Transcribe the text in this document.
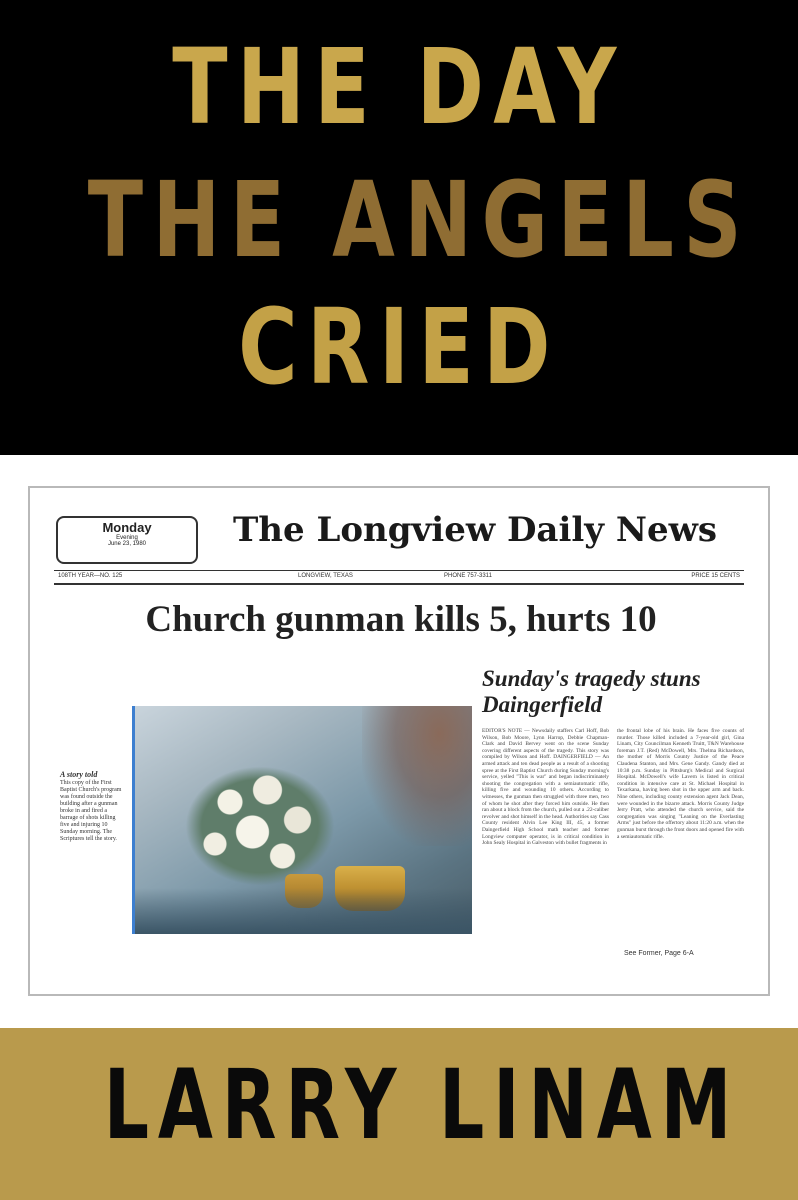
THE DAY
THE ANGELS
CRIED
Monday
Evening
June 23, 1980	The Longview Daily News
108TH YEAR—NO. 125	LONGVIEW, TEXAS	PHONE 757-3311	PRICE 15 CENTS
Church gunman kills 5, hurts 10
Sunday's tragedy stuns Daingerfield
A story told
This copy of the First Baptist Church's program was found outside the building after a gunman broke in and fired a barrage of shots killing five and injuring 10 Sunday morning. The Scriptures tell the story.
EDITOR'S NOTE — Newsdaily staffers Carl Hoff, Bob Wilson, Bob Moore, Lynn Harrop, Debbie Chapman-Clark and David Bervey went on the scene Sunday covering different aspects of the tragedy. This story was compiled by Wilson and Hoff. DAINGERFIELD — An armed attack and ten dead people as a result of a shooting spree at the First Baptist Church during Sunday morning's service, yelled "This is war" and began indiscriminately shooting the congregation with a semiautomatic rifle, killing five and wounding 10 others. According to witnesses, the gunman then struggled with three men, two of whom he shot after they forced him outside. He then ran about a block from the church, pulled out a .22-caliber revolver and shot himself in the head. Authorities say Cass County resident Alvin Lee King III, 45, a former Daingerfield High School math teacher and former Longview computer operator, is in critical condition in John Sealy Hospital in Galveston with bullet fragments in
the frontal lobe of his brain. He faces five counts of murder. Those killed included a 7-year-old girl, Gina Linam, City Councilman Kenneth Truitt, T&N Warehouse foreman J.T. (Red) McDowell, Mrs. Thelma Richardson, the mother of Morris County Justice of the Peace Claudena Stanton, and Mrs. Gene Gandy. Gandy died at 10:38 p.m. Sunday in Pittsburg's Medical and Surgical Hospital. McDowell's wife Lavern is listed in critical condition in intensive care at St. Michael Hospital in Texarkana, having been shot in the upper arm and back. Nine others, including county extension agent Jack Dean, were wounded in the bizarre attack. Morris County Judge Jerry Pratt, who attended the church service, said the congregation was singing "Leaning on the Everlasting Arms" just before the offertory about 11:20 a.m. when the gunman burst through the front doors and opened fire with a semiautomatic rifle.
See Former, Page 6-A
LARRY LINAM
